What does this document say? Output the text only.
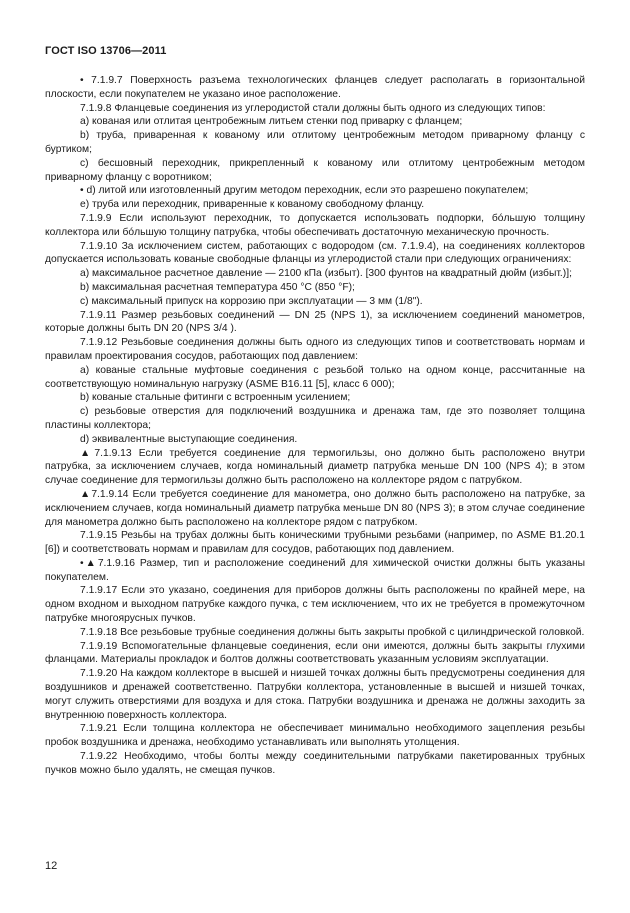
ГОСТ ISO 13706—2011

• 7.1.9.7 Поверхность разъема технологических фланцев следует располагать в горизонтальной плоскости, если покупателем не указано иное расположение.

7.1.9.8 Фланцевые соединения из углеродистой стали должны быть одного из следующих типов:

а) кованая или отлитая центробежным литьем стенки под приварку с фланцем;

b) труба, приваренная к кованому или отлитому центробежным методом приварному фланцу с буртиком;

с) бесшовный переходник, прикрепленный к кованому или отлитому центробежным методом приварному фланцу с воротником;

• d) литой или изготовленный другим методом переходник, если это разрешено покупателем;

е) труба или переходник, приваренные к кованому свободному фланцу.

7.1.9.9 Если используют переходник, то допускается использовать подпорки, бóльшую толщину коллектора или бóльшую толщину патрубка, чтобы обеспечивать достаточную механическую прочность.

7.1.9.10 За исключением систем, работающих с водородом (см. 7.1.9.4), на соединениях коллекторов допускается использовать кованые свободные фланцы из углеродистой стали при следующих ограничениях:

а) максимальное расчетное давление — 2100 кПа (избыт). [300 фунтов на квадратный дюйм (избыт.)];

b) максимальная расчетная температура 450 °С (850 °F);

с) максимальный припуск на коррозию при эксплуатации — 3 мм (1/8").

7.1.9.11 Размер резьбовых соединений — DN 25 (NPS 1), за исключением соединений манометров, которые должны быть DN 20 (NPS 3/4 ).

7.1.9.12 Резьбовые соединения должны быть одного из следующих типов и соответствовать нормам и правилам проектирования сосудов, работающих под давлением:

а) кованые стальные муфтовые соединения с резьбой только на одном конце, рассчитанные на соответствующую номинальную нагрузку (ASME B16.11 [5], класс 6 000);

b) кованые стальные фитинги с встроенным усилением;

с) резьбовые отверстия для подключений воздушника и дренажа там, где это позволяет толщина пластины коллектора;

d) эквивалентные выступающие соединения.

▲7.1.9.13 Если требуется соединение для термогильзы, оно должно быть расположено внутри патрубка, за исключением случаев, когда номинальный диаметр патрубка меньше DN 100 (NPS 4); в этом случае соединение для термогильзы должно быть расположено на коллекторе рядом с патрубком.

▲7.1.9.14 Если требуется соединение для манометра, оно должно быть расположено на патрубке, за исключением случаев, когда номинальный диаметр патрубка меньше DN 80 (NPS 3); в этом случае соединение для манометра должно быть расположено на коллекторе рядом с патрубком.

7.1.9.15 Резьбы на трубах должны быть коническими трубными резьбами (например, по ASME B1.20.1 [6]) и соответствовать нормам и правилам для сосудов, работающих под давлением.

•▲7.1.9.16 Размер, тип и расположение соединений для химической очистки должны быть указаны покупателем.

7.1.9.17 Если это указано, соединения для приборов должны быть расположены по крайней мере, на одном входном и выходном патрубке каждого пучка, с тем исключением, что их не требуется в промежуточном патрубке многоярусных пучков.

7.1.9.18 Все резьбовые трубные соединения должны быть закрыты пробкой с цилиндрической головкой.

7.1.9.19 Вспомогательные фланцевые соединения, если они имеются, должны быть закрыты глухими фланцами. Материалы прокладок и болтов должны соответствовать указанным условиям эксплуатации.

7.1.9.20 На каждом коллекторе в высшей и низшей точках должны быть предусмотрены соединения для воздушников и дренажей соответственно. Патрубки коллектора, установленные в высшей и низшей точках, могут служить отверстиями для воздуха и для стока. Патрубки воздушника и дренажа не должны заходить за внутреннюю поверхность коллектора.

7.1.9.21 Если толщина коллектора не обеспечивает минимально необходимого зацепления резьбы пробок воздушника и дренажа, необходимо устанавливать или выполнять утолщения.

7.1.9.22 Необходимо, чтобы болты между соединительными патрубками пакетированных трубных пучков можно было удалять, не смещая пучков.

12
